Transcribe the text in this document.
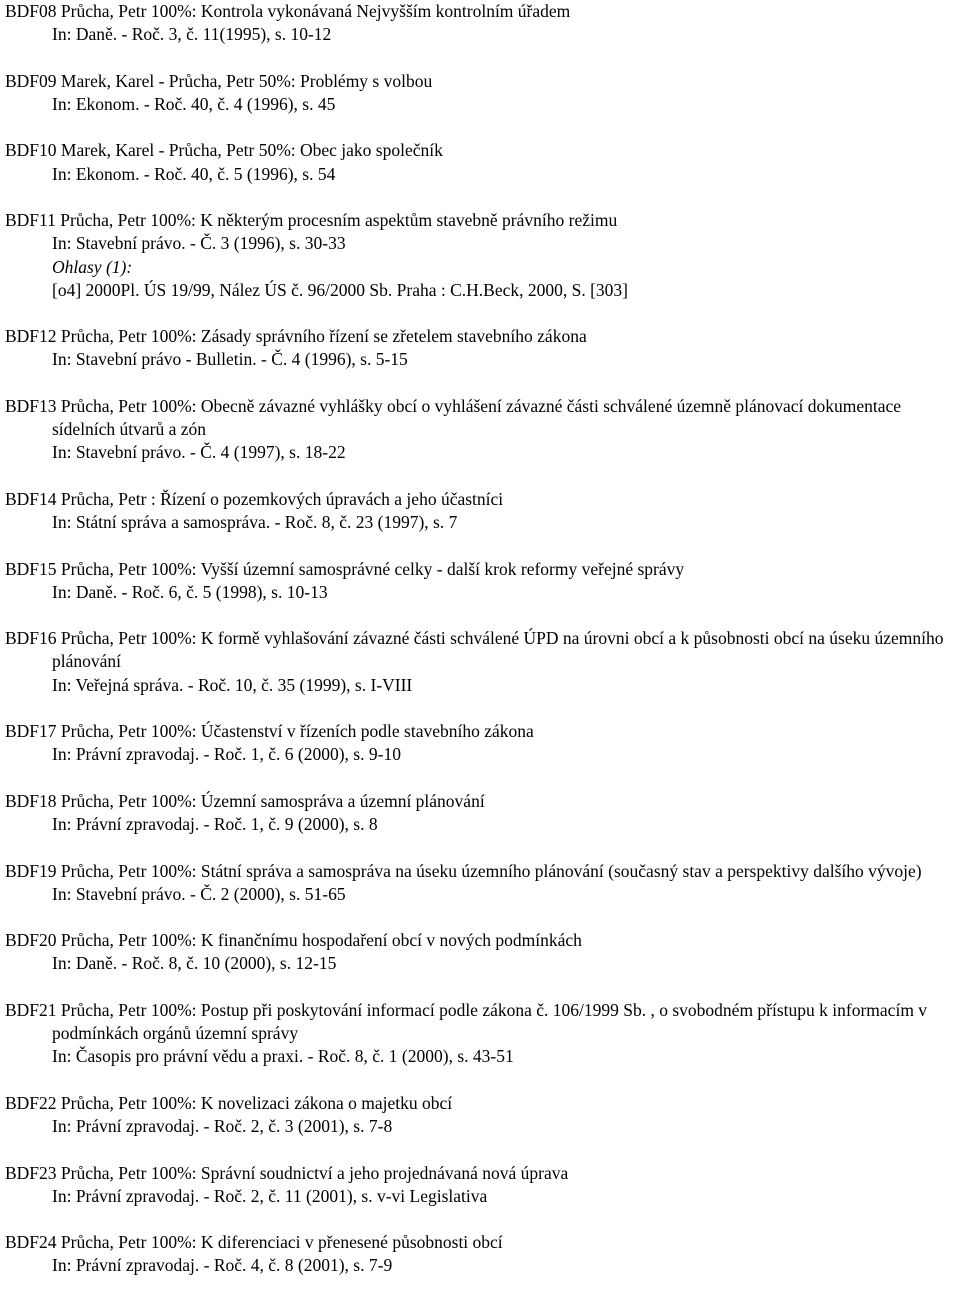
BDF08 Průcha, Petr 100%: Kontrola vykonávaná Nejvyšším kontrolním úřadem
In: Daně. - Roč. 3, č. 11(1995), s. 10-12
BDF09 Marek, Karel - Průcha, Petr 50%: Problémy s volbou
In: Ekonom. - Roč. 40, č. 4 (1996), s. 45
BDF10 Marek, Karel - Průcha, Petr 50%: Obec jako společník
In: Ekonom. - Roč. 40, č. 5 (1996), s. 54
BDF11 Průcha, Petr 100%: K některým procesním aspektům stavebně právního režimu
In: Stavební právo. - Č. 3 (1996), s. 30-33
Ohlasy (1):
[o4] 2000Pl. ÚS 19/99, Nález ÚS č. 96/2000 Sb. Praha : C.H.Beck, 2000, S. [303]
BDF12 Průcha, Petr 100%: Zásady správního řízení se zřetelem stavebního zákona
In: Stavební právo - Bulletin. - Č. 4 (1996), s. 5-15
BDF13 Průcha, Petr 100%: Obecně závazné vyhlášky obcí o vyhlášení závazné části schválené územně plánovací dokumentace sídelních útvarů a zón
In: Stavební právo. - Č. 4 (1997), s. 18-22
BDF14 Průcha, Petr : Řízení o pozemkových úpravách a jeho účastníci
In: Státní správa a samospráva. - Roč. 8, č. 23 (1997), s. 7
BDF15 Průcha, Petr 100%: Vyšší územní samosprávné celky - další krok reformy veřejné správy
In: Daně. - Roč. 6, č. 5 (1998), s. 10-13
BDF16 Průcha, Petr 100%: K formě vyhlašování závazné části schválené ÚPD na úrovni obcí a k působnosti obcí na úseku územního plánování
In: Veřejná správa. - Roč. 10, č. 35 (1999), s. I-VIII
BDF17 Průcha, Petr 100%: Účastenství v řízeních podle stavebního zákona
In: Právní zpravodaj. - Roč. 1, č. 6 (2000), s. 9-10
BDF18 Průcha, Petr 100%: Územní samospráva a územní plánování
In: Právní zpravodaj. - Roč. 1, č. 9 (2000), s. 8
BDF19 Průcha, Petr 100%: Státní správa a samospráva na úseku územního plánování (současný stav a perspektivy dalšího vývoje)
In: Stavební právo. - Č. 2 (2000), s. 51-65
BDF20 Průcha, Petr 100%: K finančnímu hospodaření obcí v nových podmínkách
In: Daně. - Roč. 8, č. 10 (2000), s. 12-15
BDF21 Průcha, Petr 100%: Postup při poskytování informací podle zákona č. 106/1999 Sb. , o svobodném přístupu k informacím v podmínkách orgánů územní správy
In: Časopis pro právní vědu a praxi. - Roč. 8, č. 1 (2000), s. 43-51
BDF22 Průcha, Petr 100%: K novelizaci zákona o majetku obcí
In: Právní zpravodaj. - Roč. 2, č. 3 (2001), s. 7-8
BDF23 Průcha, Petr 100%: Správní soudnictví a jeho projednávaná nová úprava
In: Právní zpravodaj. - Roč. 2, č. 11 (2001), s. v-vi Legislativa
BDF24 Průcha, Petr 100%: K diferenciaci v přenesené působnosti obcí
In: Právní zpravodaj. - Roč. 4, č. 8 (2001), s. 7-9
